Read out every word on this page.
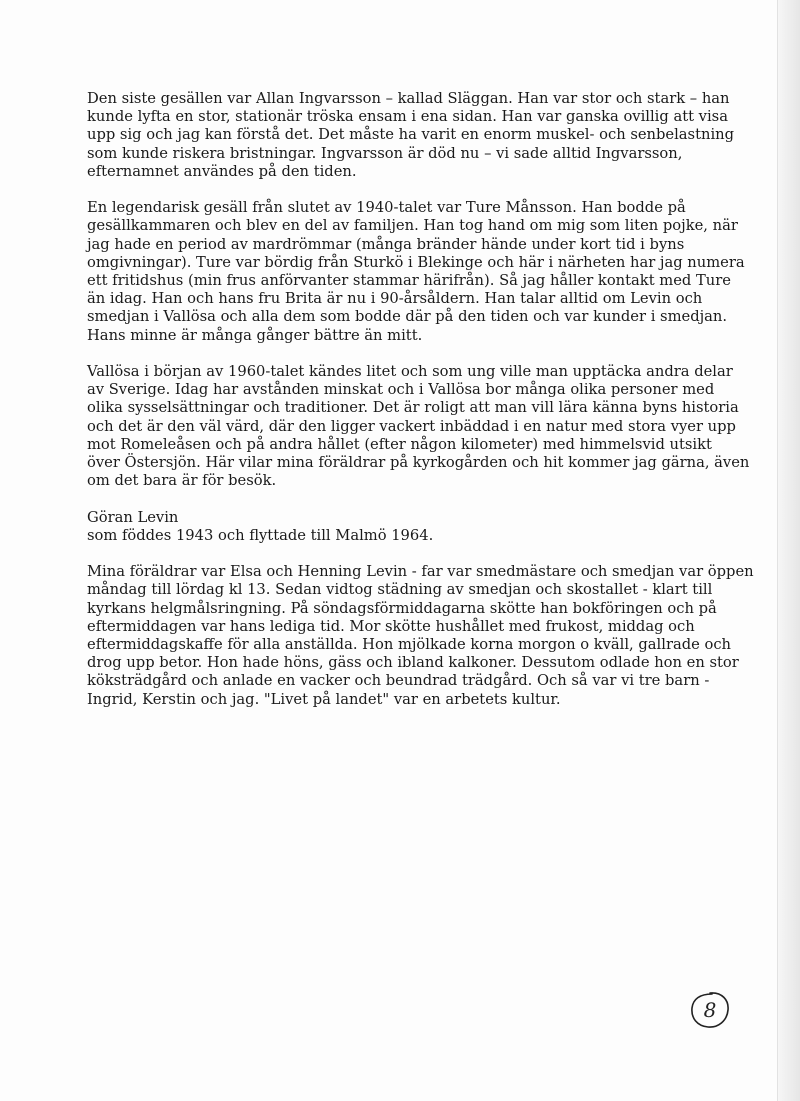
Den siste gesällen var Allan Ingvarsson – kallad Släggan. Han var stor och stark – han
kunde lyfta en stor, stationär tröska ensam i ena sidan. Han var ganska ovillig att visa
upp sig och jag kan förstå det. Det måste ha varit en enorm muskel- och senbelastning
som kunde riskera bristningar. Ingvarsson är död nu – vi sade alltid Ingvarsson,
efternamnet användes på den tiden.
En legendarisk gesäll från slutet av 1940-talet var Ture Månsson. Han bodde på
gesällkammaren och blev en del av familjen. Han tog hand om mig som liten pojke, när
jag hade en period av mardrömmar (många bränder hände under kort tid i byns
omgivningar). Ture var bördig från Sturkö i Blekinge och här i närheten har jag numera
ett fritidshus (min frus anförvanter stammar härifrån). Så jag håller kontakt med Ture
än idag. Han och hans fru Brita är nu i 90-årsåldern. Han talar alltid om Levin och
smedjan i Vallösa och alla dem som bodde där på den tiden och var kunder i smedjan.
Hans minne är många gånger bättre än mitt.
Vallösa i början av 1960-talet kändes litet och som ung ville man upptäcka andra delar
av Sverige. Idag har avstånden minskat och i Vallösa bor många olika personer med
olika sysselsättningar och traditioner. Det är roligt att man vill lära känna byns historia
och det är den väl värd, där den ligger vackert inbäddad i en natur med stora vyer upp
mot Romeleåsen och på andra hållet (efter någon kilometer) med himmelsvid utsikt
över Östersjön. Här vilar mina föräldrar på kyrkogården och hit kommer jag gärna, även
om det bara är för besök.
Göran Levin
som föddes 1943 och flyttade till Malmö 1964.
Mina föräldrar var Elsa och Henning Levin - far var smedmästare och smedjan var öppen
måndag till lördag kl 13. Sedan vidtog städning av smedjan och skostallet - klart till
kyrkans helgmålsringning. På söndagsförmiddagarna skötte han bokföringen och på
eftermiddagen var hans lediga tid. Mor skötte hushållet med frukost, middag och
eftermiddagskaffe för alla anställda. Hon mjölkade korna morgon o kväll, gallrade och
drog upp betor. Hon hade höns, gäss och ibland kalkoner. Dessutom odlade hon en stor
köksträdgård och anlade en vacker och beundrad trädgård. Och så var vi tre barn -
Ingrid, Kerstin och jag. "Livet på landet" var en arbetets kultur.
8
